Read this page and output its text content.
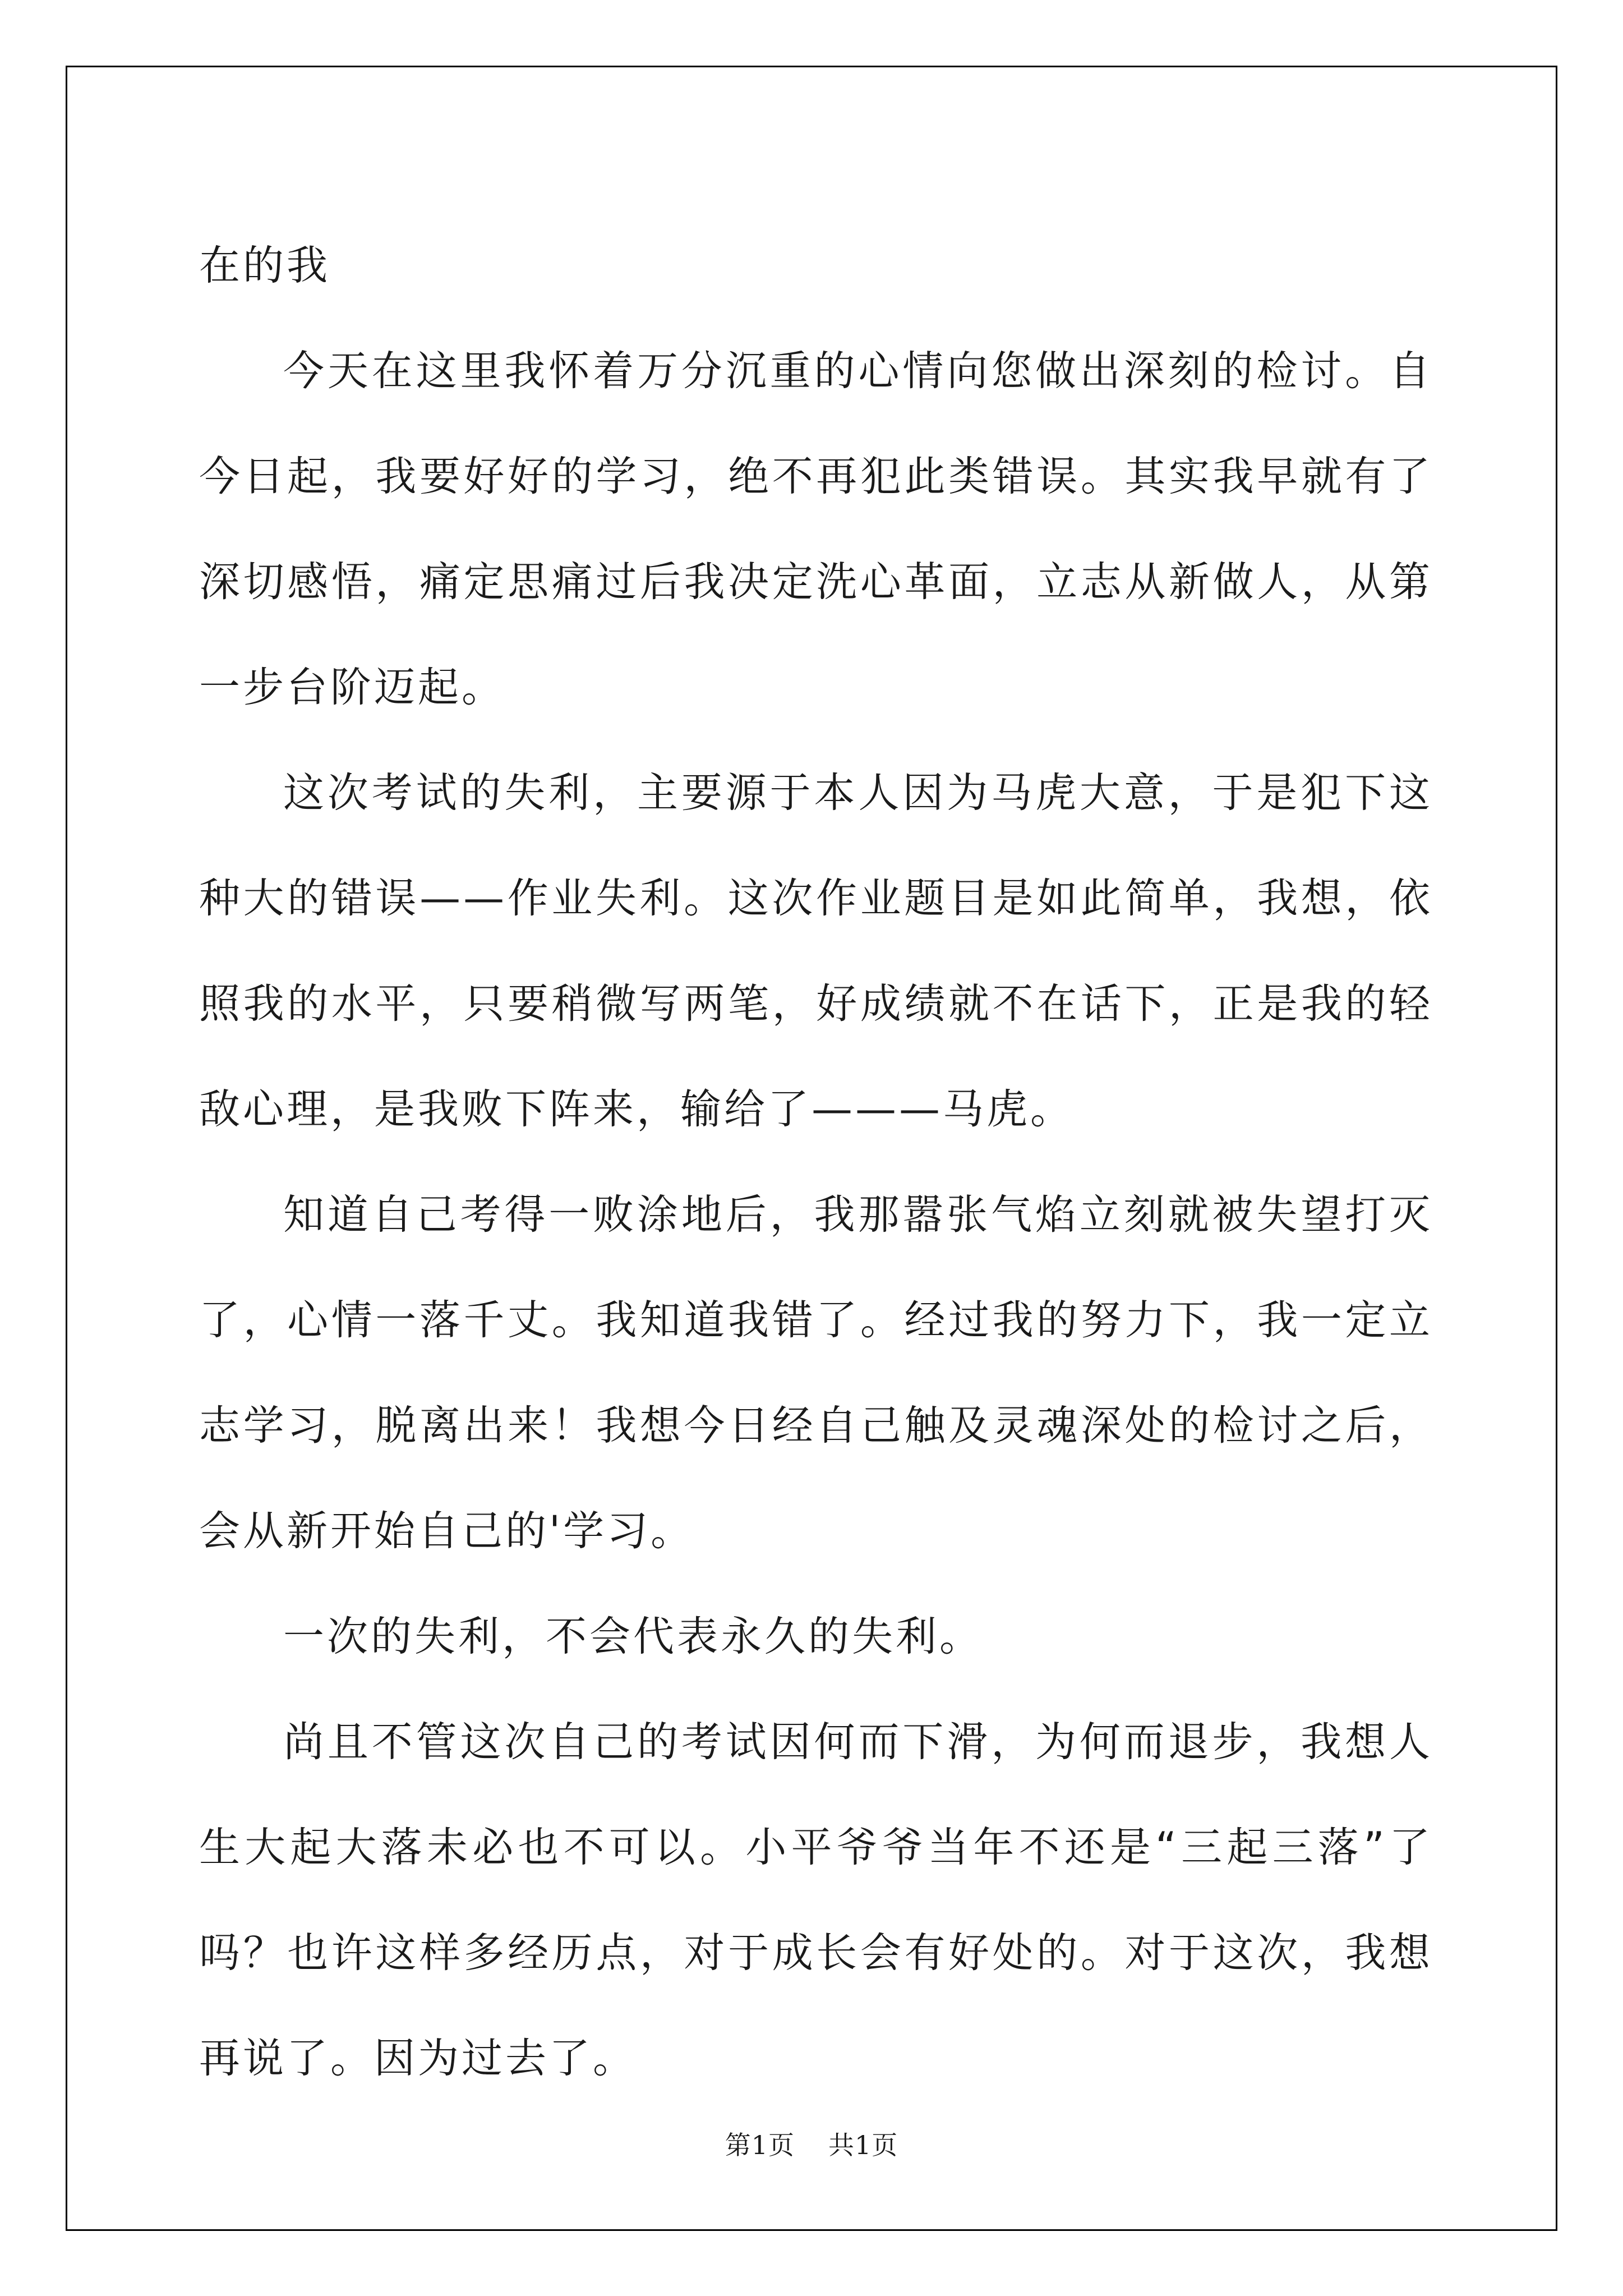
在的我

今天在这里我怀着万分沉重的心情向您做出深刻的检讨。自今日起，我要好好的学习，绝不再犯此类错误。其实我早就有了深切感悟，痛定思痛过后我决定洗心革面，立志从新做人，从第一步台阶迈起。

这次考试的失利，主要源于本人因为马虎大意，于是犯下这种大的错误——作业失利。这次作业题目是如此简单，我想，依照我的水平，只要稍微写两笔，好成绩就不在话下，正是我的轻敌心理，是我败下阵来，输给了———马虎。

知道自己考得一败涂地后，我那嚣张气焰立刻就被失望打灭了，心情一落千丈。我知道我错了。经过我的努力下，我一定立志学习，脱离出来！我想今日经自己触及灵魂深处的检讨之后，会从新开始自己的'学习。

一次的失利，不会代表永久的失利。

尚且不管这次自己的考试因何而下滑，为何而退步，我想人生大起大落未必也不可以。小平爷爷当年不还是“三起三落”了吗？也许这样多经历点，对于成长会有好处的。对于这次，我想再说了。因为过去了。

第1页 共1页
